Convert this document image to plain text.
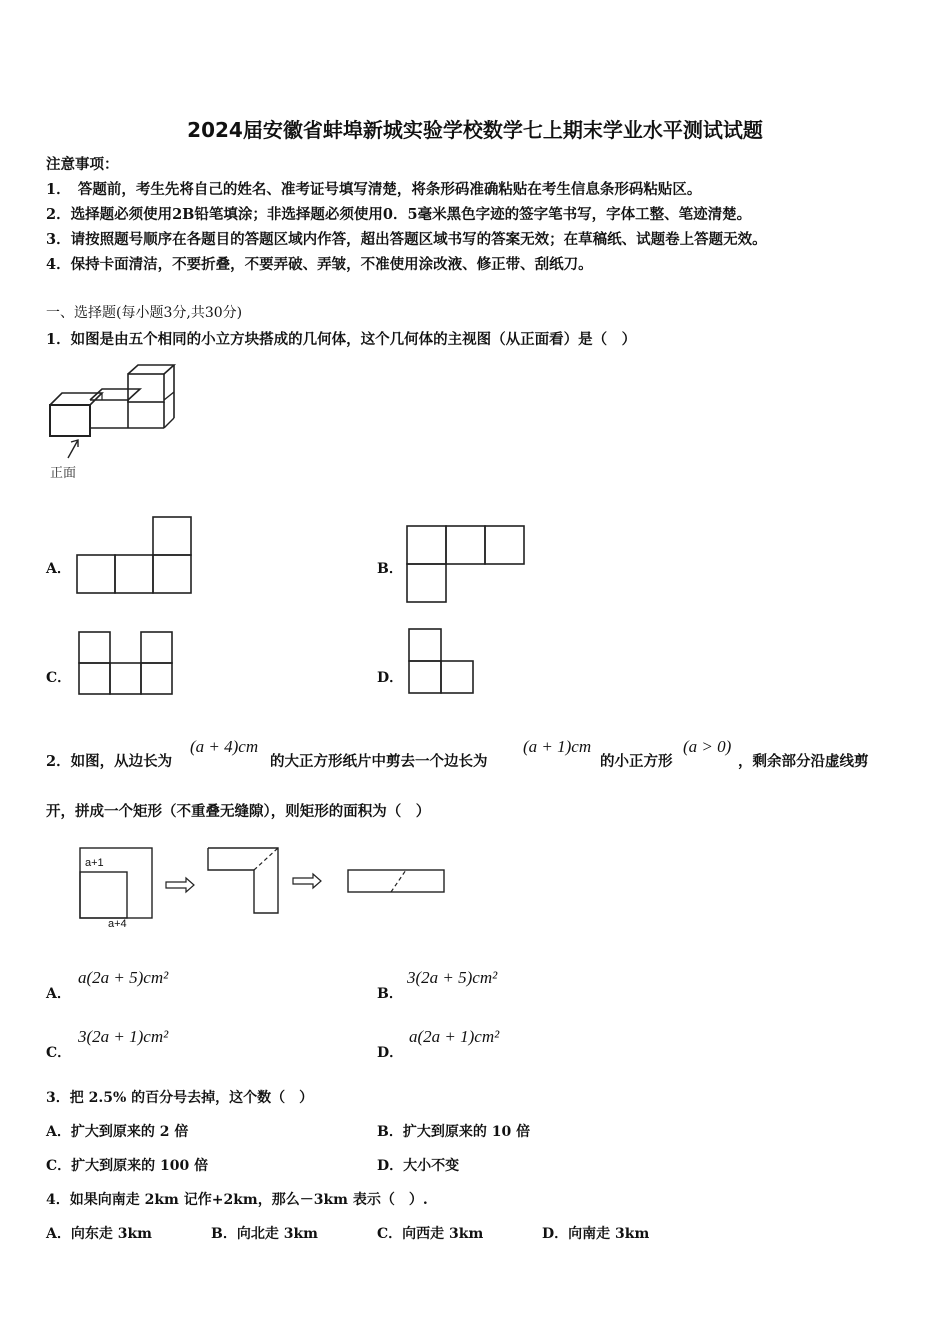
2024届安徽省蚌埠新城实验学校数学七上期末学业水平测试试题
注意事项：
1．　答题前，考生先将自己的姓名、准考证号填写清楚，将条形码准确粘贴在考生信息条形码粘贴区。
2．选择题必须使用2B铅笔填涂；非选择题必须使用0．5毫米黑色字迹的签字笔书写，字体工整、笔迹清楚。
3．请按照题号顺序在各题目的答题区域内作答，超出答题区域书写的答案无效；在草稿纸、试题卷上答题无效。
4．保持卡面清洁，不要折叠，不要弄破、弄皱，不准使用涂改液、修正带、刮纸刀。
一、选择题(每小题3分,共30分)
1．如图是由五个相同的小立方块搭成的几何体，这个几何体的主视图（从正面看）是（　）
正面
A．	B．
C．	D．
2．如图，从边长为
(a + 4)cm
的大正方形纸片中剪去一个边长为
(a + 1)cm
的小正方形
(a > 0)
，剩余部分沿虚线剪
开，拼成一个矩形（不重叠无缝隙），则矩形的面积为（　）
a+1
a+4
A．
a(2a + 5)cm²
B．
3(2a + 5)cm²
C．
3(2a + 1)cm²
D．
a(2a + 1)cm²
3．把 2.5% 的百分号去掉，这个数（　）
A．扩大到原来的 2 倍	B．扩大到原来的 10 倍
C．扩大到原来的 100 倍	D．大小不变
4．如果向南走 2km 记作+2km，那么－3km 表示（　）.
A．向东走 3km	B．向北走 3km	C．向西走 3km	D．向南走 3km
